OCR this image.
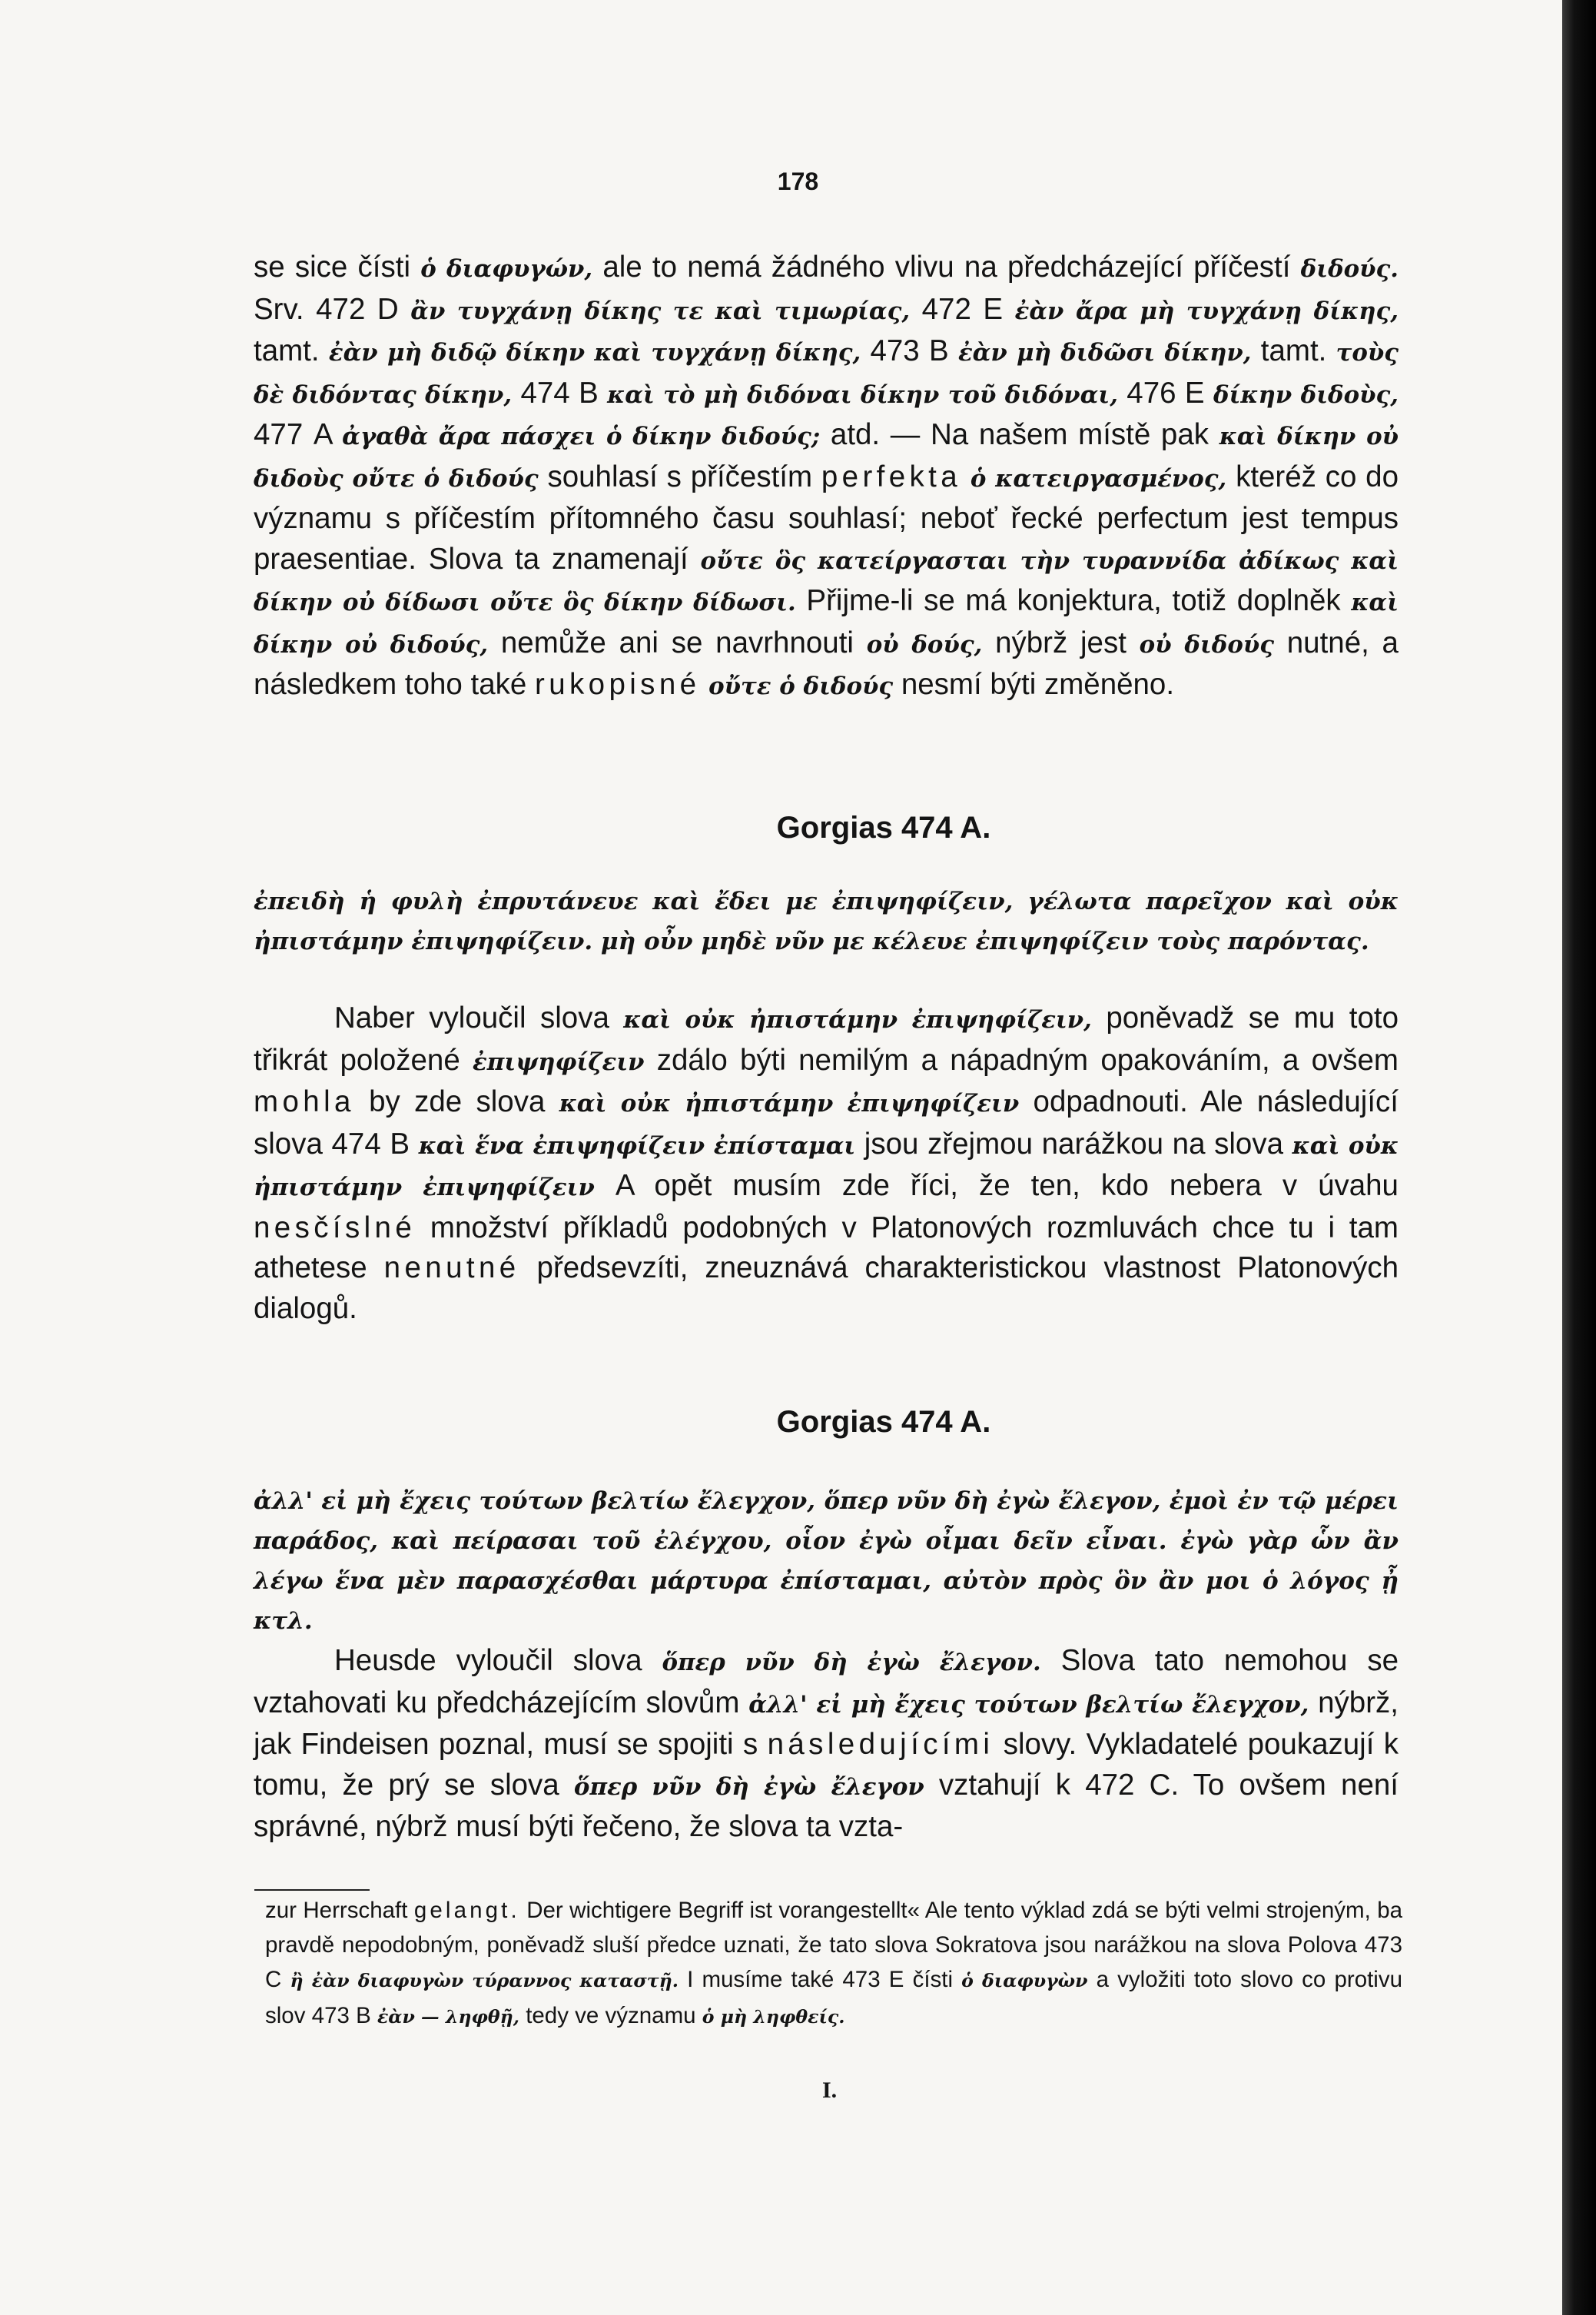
178

se sice čísti ὁ διαφυγών, ale to nemá žádného vlivu na předcházející příčestí διδούς. Srv. 472 D ἂν τυγχάνῃ δίκης τε καὶ τιμωρίας, 472 E ἐὰν ἄρα μὴ τυγχάνῃ δίκης, tamt. ἐὰν μὴ διδῷ δίκην καὶ τυγχάνῃ δίκης, 473 B ἐὰν μὴ διδῶσι δίκην, tamt. τοὺς δὲ διδόντας δίκην, 474 B καὶ τὸ μὴ διδόναι δίκην τοῦ διδόναι, 476 E δίκην διδοὺς, 477 A ἀγαθὰ ἄρα πάσχει ὁ δίκην διδούς; atd. — Na našem místě pak καὶ δίκην οὐ διδοὺς οὔτε ὁ διδούς souhlasí s příčestím perfekta ὁ κατειργασμένος, kteréž co do významu s příčestím přítomného času souhlasí; neboť řecké perfectum jest tempus praesentiae. Slova ta znamenají οὔτε ὃς κατείργασται τὴν τυραννίδα ἀδίκως καὶ δίκην οὐ δίδωσι οὔτε ὃς δίκην δίδωσι. Přijme-li se má konjektura, totiž doplněk καὶ δίκην οὐ διδούς, nemůže ani se navrhnouti οὐ δούς, nýbrž jest οὐ διδούς nutné, a následkem toho také rukopisné οὔτε ὁ διδούς nesmí býti změněno.

Gorgias 474 A.

ἐπειδὴ ἡ φυλὴ ἐπρυτάνευε καὶ ἔδει με ἐπιψηφίζειν, γέλωτα παρεῖχον καὶ οὐκ ἠπιστάμην ἐπιψηφίζειν. μὴ οὖν μηδὲ νῦν με κέλευε ἐπιψηφίζειν τοὺς παρόντας.

Naber vyloučil slova καὶ οὐκ ἠπιστάμην ἐπιψηφίζειν, poněvadž se mu toto třikrát položené ἐπιψηφίζειν zdálo býti nemilým a nápadným opakováním, a ovšem mohla by zde slova καὶ οὐκ ἠπιστάμην ἐπιψηφίζειν odpadnouti. Ale následující slova 474 B καὶ ἕνα ἐπιψηφίζειν ἐπίσταμαι jsou zřejmou narážkou na slova καὶ οὐκ ἠπιστάμην ἐπιψηφίζειν A opět musím zde říci, že ten, kdo nebera v úvahu nesčíslné množství příkladů podobných v Platonových rozmluvách chce tu i tam athetese nenutné předsevzíti, zneuznává charakteristickou vlastnost Platonových dialogů.

Gorgias 474 A.

ἀλλ' εἰ μὴ ἔχεις τούτων βελτίω ἔλεγχον, ὅπερ νῦν δὴ ἐγὼ ἔλεγον, ἐμοὶ ἐν τῷ μέρει παράδος, καὶ πείρασαι τοῦ ἐλέγχου, οἷον ἐγὼ οἶμαι δεῖν εἶναι. ἐγὼ γὰρ ὧν ἂν λέγω ἕνα μὲν παρασχέσθαι μάρτυρα ἐπίσταμαι, αὐτὸν πρὸς ὃν ἂν μοι ὁ λόγος ᾖ κτλ.

Heusde vyloučil slova ὅπερ νῦν δὴ ἐγὼ ἔλεγον. Slova tato nemohou se vztahovati ku předcházejícím slovům ἀλλ' εἰ μὴ ἔχεις τούτων βελτίω ἔλεγχον, nýbrž, jak Findeisen poznal, musí se spojiti s následujícími slovy. Vykladatelé poukazují k tomu, že prý se slova ὅπερ νῦν δὴ ἐγὼ ἔλεγον vztahují k 472 C. To ovšem není správné, nýbrž musí býti řečeno, že slova ta vzta-

zur Herrschaft gelangt. Der wichtigere Begriff ist vorangestellt« Ale tento výklad zdá se býti velmi strojeným, ba pravdě nepodobným, poněvadž sluší předce uznati, že tato slova Sokratova jsou narážkou na slova Polova 473 C ἢ ἐὰν διαφυγὼν τύραννος καταστῇ. I musíme také 473 E čísti ὁ διαφυγὼν a vyložiti toto slovo co protivu slov 473 B ἐὰν — ληφθῇ, tedy ve významu ὁ μὴ ληφθείς.

I.
